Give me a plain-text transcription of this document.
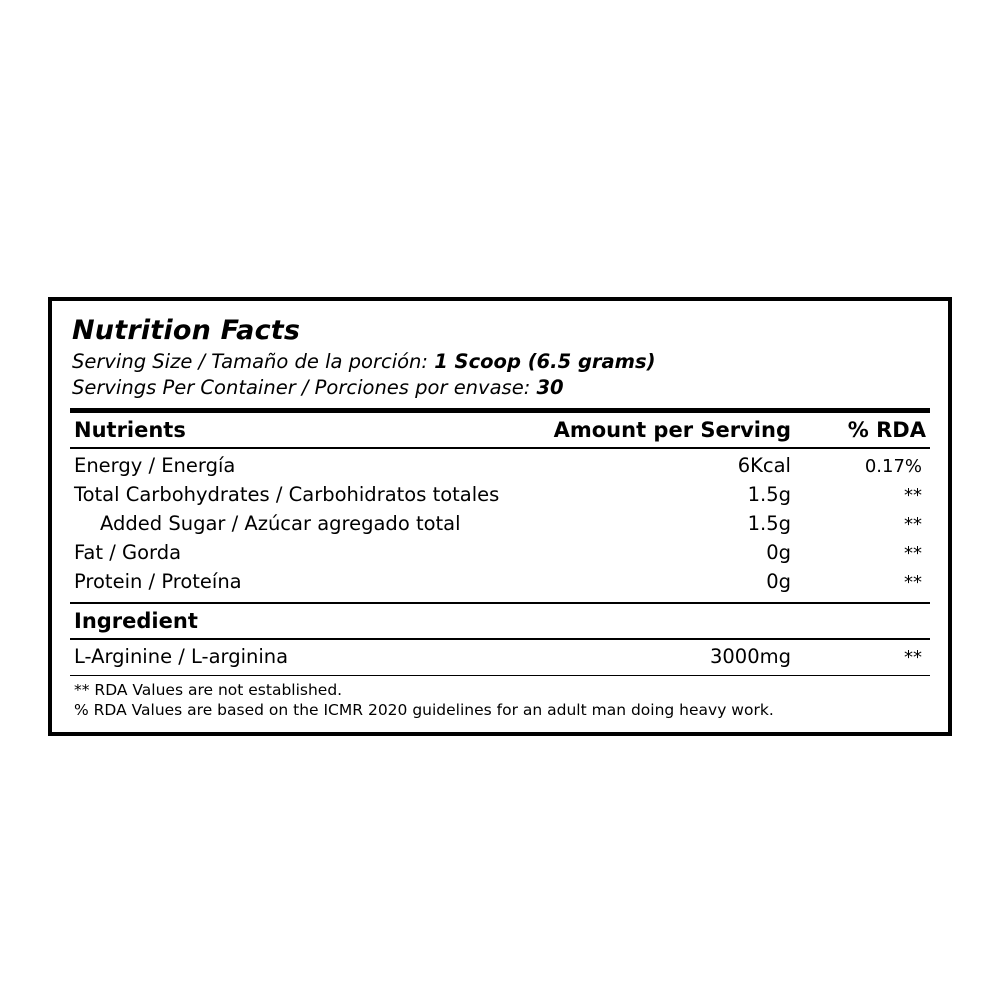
Nutrition Facts
Serving Size / Tamaño de la porción: 1 Scoop (6.5 grams)
Servings Per Container / Porciones por envase: 30
Nutrients	Amount per Serving	% RDA
Energy / Energía	6Kcal	0.17%
Total Carbohydrates / Carbohidratos totales	1.5g	**
Added Sugar / Azúcar agregado total	1.5g	**
Fat / Gorda	0g	**
Protein / Proteína	0g	**
Ingredient
L-Arginine / L-arginina	3000mg	**
** RDA Values are not established.
% RDA Values are based on the ICMR 2020 guidelines for an adult man doing heavy work.
